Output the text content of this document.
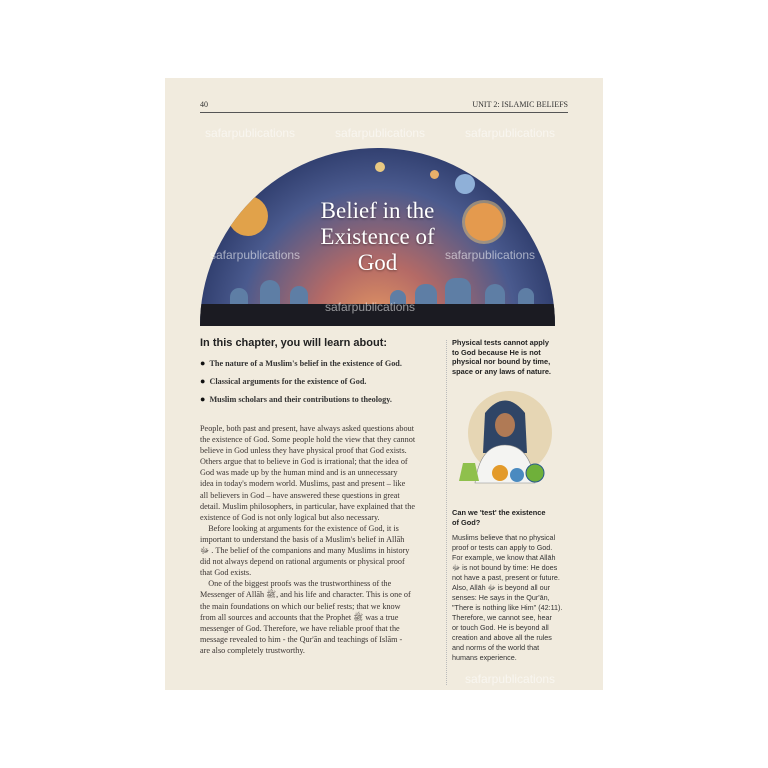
40	UNIT 2: ISLAMIC BELIEFS
Belief in the
Existence of
God
In this chapter, you will learn about:
● The nature of a Muslim's belief in the existence of God.
● Classical arguments for the existence of God.
● Muslim scholars and their contributions to theology.
People, both past and present, have always asked questions about
the existence of God. Some people hold the view that they cannot
believe in God unless they have physical proof that God exists.
Others argue that to believe in God is irrational; that the idea of
God was made up by the human mind and is an unnecessary
idea in today's modern world. Muslims, past and present – like
all believers in God – have answered these questions in great
detail. Muslim philosophers, in particular, have explained that the
existence of God is not only logical but also necessary.
Before looking at arguments for the existence of God, it is
important to understand the basis of a Muslim's belief in Allāh
ﷻ . The belief of the companions and many Muslims in history
did not always depend on rational arguments or physical proof
that God exists.
One of the biggest proofs was the trustworthiness of the
Messenger of Allāh ﷺ, and his life and character. This is one of
the main foundations on which our belief rests; that we know
from all sources and accounts that the Prophet ﷺ was a true
messenger of God. Therefore, we have reliable proof that the
message revealed to him - the Qur'ān and teachings of Islām -
are also completely trustworthy.
Physical tests cannot apply
to God because He is not
physical nor bound by time,
space or any laws of nature.
Can we 'test' the existence
of God?
Muslims believe that no physical
proof or tests can apply to God.
For example, we know that Allāh
ﷻ is not bound by time: He does
not have a past, present or future.
Also, Allāh ﷻ is beyond all our
senses: He says in the Qur'ān,
"There is nothing like Him" (42:11).
Therefore, we cannot see, hear
or touch God. He is beyond all
creation and above all the rules
and norms of the world that
humans experience.
safarpublications	safarpublications	safarpublications
safarpublications	safarpublications
safarpublications
safarpublications
